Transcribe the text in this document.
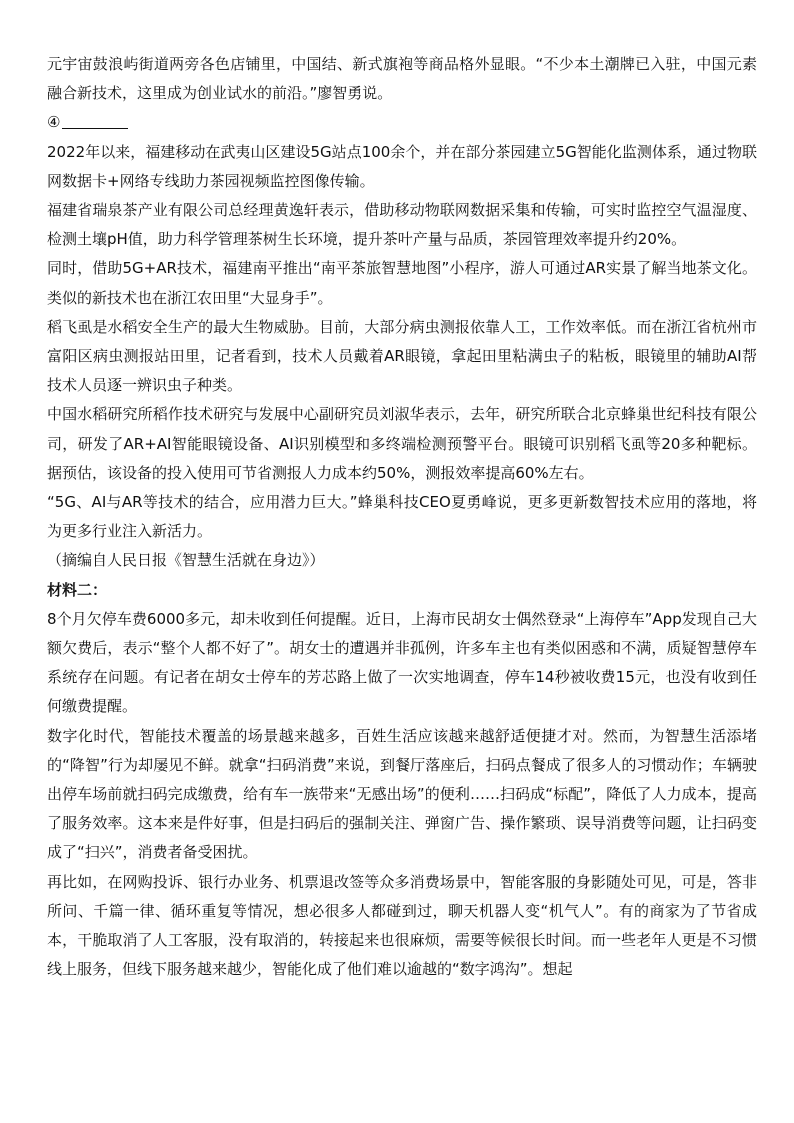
元宇宙鼓浪屿街道两旁各色店铺里，中国结、新式旗袍等商品格外显眼。“不少本土潮牌已入驻，中国元素融合新技术，这里成为创业试水的前沿。”廖智勇说。

④

2022年以来，福建移动在武夷山区建设5G站点100余个，并在部分茶园建立5G智能化监测体系，通过物联网数据卡+网络专线助力茶园视频监控图像传输。

福建省瑞泉茶产业有限公司总经理黄逸轩表示，借助移动物联网数据采集和传输，可实时监控空气温湿度、检测土壤pH值，助力科学管理茶树生长环境，提升茶叶产量与品质，茶园管理效率提升约20%。

同时，借助5G+AR技术，福建南平推出“南平茶旅智慧地图”小程序，游人可通过AR实景了解当地茶文化。类似的新技术也在浙江农田里“大显身手”。

稻飞虱是水稻安全生产的最大生物威胁。目前，大部分病虫测报依靠人工，工作效率低。而在浙江省杭州市富阳区病虫测报站田里，记者看到，技术人员戴着AR眼镜，拿起田里粘满虫子的粘板，眼镜里的辅助AI帮技术人员逐一辨识虫子种类。

中国水稻研究所稻作技术研究与发展中心副研究员刘淑华表示，去年，研究所联合北京蜂巢世纪科技有限公司，研发了AR+AI智能眼镜设备、AI识别模型和多终端检测预警平台。眼镜可识别稻飞虱等20多种靶标。据预估，该设备的投入使用可节省测报人力成本约50%，测报效率提高60%左右。

“5G、AI与AR等技术的结合，应用潜力巨大。”蜂巢科技CEO夏勇峰说，更多更新数智技术应用的落地，将为更多行业注入新活力。

（摘编自人民日报《智慧生活就在身边》）

材料二：

8个月欠停车费6000多元，却未收到任何提醒。近日，上海市民胡女士偶然登录“上海停车”App发现自己大额欠费后，表示“整个人都不好了”。胡女士的遭遇并非孤例，许多车主也有类似困惑和不满，质疑智慧停车系统存在问题。有记者在胡女士停车的芳芯路上做了一次实地调查，停车14秒被收费15元，也没有收到任何缴费提醒。

数字化时代，智能技术覆盖的场景越来越多，百姓生活应该越来越舒适便捷才对。然而，为智慧生活添堵的“降智”行为却屡见不鲜。就拿“扫码消费”来说，到餐厅落座后，扫码点餐成了很多人的习惯动作；车辆驶出停车场前就扫码完成缴费，给有车一族带来“无感出场”的便利……扫码成“标配”，降低了人力成本，提高了服务效率。这本来是件好事，但是扫码后的强制关注、弹窗广告、操作繁琐、误导消费等问题，让扫码变成了“扫兴”，消费者备受困扰。

再比如，在网购投诉、银行办业务、机票退改签等众多消费场景中，智能客服的身影随处可见，可是，答非所问、千篇一律、循环重复等情况，想必很多人都碰到过，聊天机器人变“机气人”。有的商家为了节省成本，干脆取消了人工客服，没有取消的，转接起来也很麻烦，需要等候很长时间。而一些老年人更是不习惯线上服务，但线下服务越来越少，智能化成了他们难以逾越的“数字鸿沟”。想起
